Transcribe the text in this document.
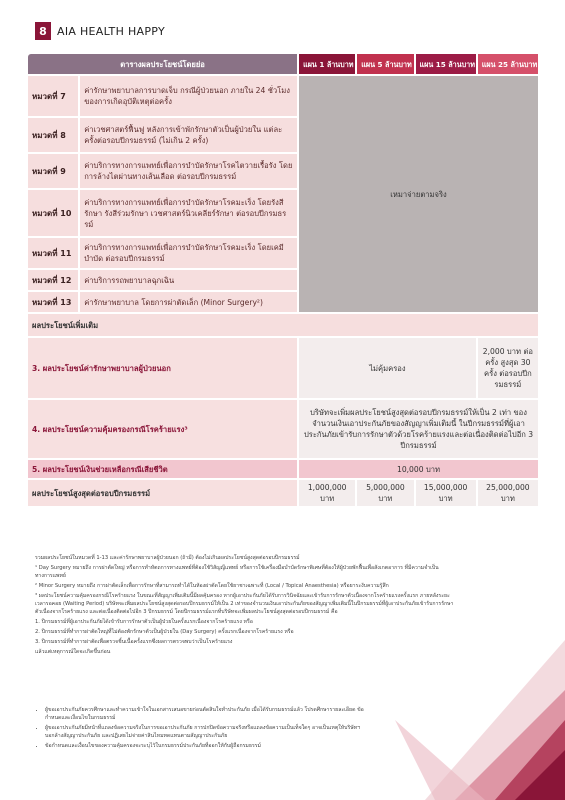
8 AIA HEALTH HAPPY
ตารางผลประโยชน์โดยย่อ		แผน 1 ล้านบาท	แผน 5 ล้านบาท	แผน 15 ล้านบาท	แผน 25 ล้านบาท
หมวดที่ 7	ค่ารักษาพยาบาลการบาดเจ็บ กรณีผู้ป่วยนอก ภายใน 24 ชั่วโมงของการเกิดอุบัติเหตุต่อครั้ง	เหมาจ่ายตามจริง			
หมวดที่ 8	ค่าเวชศาสตร์ฟื้นฟู หลังการเข้าพักรักษาตัวเป็นผู้ป่วยใน แต่ละครั้งต่อรอบปีกรมธรรม์ (ไม่เกิน 2 ครั้ง)				
หมวดที่ 9	ค่าบริการทางการแพทย์เพื่อการบำบัดรักษาโรคไตวายเรื้อรัง โดยการล้างไตผ่านทางเส้นเลือด ต่อรอบปีกรมธรรม์				
หมวดที่ 10	ค่าบริการทางการแพทย์เพื่อการบำบัดรักษาโรคมะเร็ง โดยรังสีรักษา รังสีร่วมรักษา เวชศาสตร์นิวเคลียร์รักษา ต่อรอบปีกรมธรรม์				
หมวดที่ 11	ค่าบริการทางการแพทย์เพื่อการบำบัดรักษาโรคมะเร็ง โดยเคมีบำบัด ต่อรอบปีกรมธรรม์				
หมวดที่ 12	ค่าบริการรถพยาบาลฉุกเฉิน				
หมวดที่ 13	ค่ารักษาพยาบาล โดยการผ่าตัดเล็ก (Minor Surgery²)				
ผลประโยชน์เพิ่มเติม					
3. ผลประโยชน์ค่ารักษาพยาบาลผู้ป่วยนอก		ไม่คุ้มครอง			2,000 บาท ต่อครั้ง สูงสุด 30 ครั้ง ต่อรอบปีกรมธรรม์
4. ผลประโยชน์ความคุ้มครองกรณีโรคร้ายแรง³		บริษัทจะเพิ่มผลประโยชน์สูงสุดต่อรอบปีกรมธรรม์ให้เป็น 2 เท่า ของจำนวนเงินเอาประกันภัยของสัญญาเพิ่มเติมนี้ ในปีกรมธรรม์ที่ผู้เอาประกันภัยเข้ารับการรักษาตัวด้วยโรคร้ายแรงและต่อเนื่องติดต่อไปอีก 3 ปีกรมธรรม์			
5. ผลประโยชน์เงินช่วยเหลือกรณีเสียชีวิต		10,000 บาท			
ผลประโยชน์สูงสุดต่อรอบปีกรมธรรม์		1,000,000 บาท	5,000,000 บาท	15,000,000 บาท	25,000,000 บาท

รวมผลประโยชน์ในหมวดที่ 1-13 และค่ารักษาพยาบาลผู้ป่วยนอก (ถ้ามี) ต้องไม่เกินผลประโยชน์สูงสุดต่อรอบปีกรมธรรม์

¹ Day Surgery หมายถึง การผ่าตัดใหญ่ หรือการทำหัตถการทางแพทย์ที่ต้องใช้วิสัญญีแพทย์ หรือการใช้เครื่องมือบำบัดรักษาพิเศษที่ต้องให้ผู้ป่วยพักฟื้นเพื่อสังเกตอาการ ที่มีความจำเป็นทางการแพทย์

² Minor Surgery หมายถึง การผ่าตัดเล็กเพื่อการรักษาที่สามารถทำได้ในห้องผ่าตัดโดยใช้ยาชาเฉพาะที่ (Local / Topical Anaesthesia) หรือยาระงับความรู้สึก

³ ผลประโยชน์ความคุ้มครองกรณีโรคร้ายแรง ในขณะที่สัญญาเพิ่มเติมนี้มีผลคุ้มครอง หากผู้เอาประกันภัยได้รับการวินิจฉัยและเข้ารับการรักษาตัวเนื่องจากโรคร้ายแรงครั้งแรก ภายหลังระยะเวลารอคอย (Waiting Period) บริษัทจะเพิ่มผลประโยชน์สูงสุดต่อรอบปีกรมธรรม์ให้เป็น 2 เท่าของจำนวนเงินเอาประกันภัยของสัญญาเพิ่มเติมนี้ในปีกรมธรรม์ที่ผู้เอาประกันภัยเข้ารับการรักษาตัวเนื่องจากโรคร้ายแรง และต่อเนื่องติดต่อไปอีก 3 ปีกรมธรรม์ โดยปีกรมธรรม์แรกที่บริษัทจะเพิ่มผลประโยชน์สูงสุดต่อรอบปีกรมธรรม์ คือ

1. ปีกรมธรรม์ที่ผู้เอาประกันภัยได้เข้ารับการรักษาตัวเป็นผู้ป่วยในครั้งแรกเนื่องจากโรคร้ายแรง หรือ

2. ปีกรมธรรม์ที่ทำการผ่าตัดใหญ่ที่ไม่ต้องพักรักษาตัวเป็นผู้ป่วยใน (Day Surgery) ครั้งแรกเนื่องจากโรคร้ายแรง หรือ

3. ปีกรมธรรม์ที่ทำการผ่าตัดเพื่อตรวจชิ้นเนื้อครั้งแรกซึ่งผลการตรวจพบว่าเป็นโรคร้ายแรง

แล้วแต่เหตุการณ์ใดจะเกิดขึ้นก่อน

• ผู้ขอเอาประกันภัยควรศึกษาและทำความเข้าใจในเอกสารเสนอขายก่อนตัดสินใจทำประกันภัย เมื่อได้รับกรมธรรม์แล้ว โปรดศึกษารายละเอียด ข้อกำหนดและเงื่อนไขในกรมธรรม์
• ผู้ขอเอาประกันภัยมีหน้าที่แถลงข้อความจริงในการขอเอาประกันภัย การปกปิดข้อความจริงหรือแถลงข้อความเป็นเท็จใดๆ อาจเป็นเหตุให้บริษัทฯ บอกล้างสัญญาประกันภัย และปฏิเสธไม่จ่ายค่าสินไหมทดแทนตามสัญญาประกันภัย
• ข้อกำหนดและเงื่อนไขของความคุ้มครองจะระบุไว้ในกรมธรรม์ประกันภัยที่ออกให้กับผู้ถือกรมธรรม์
